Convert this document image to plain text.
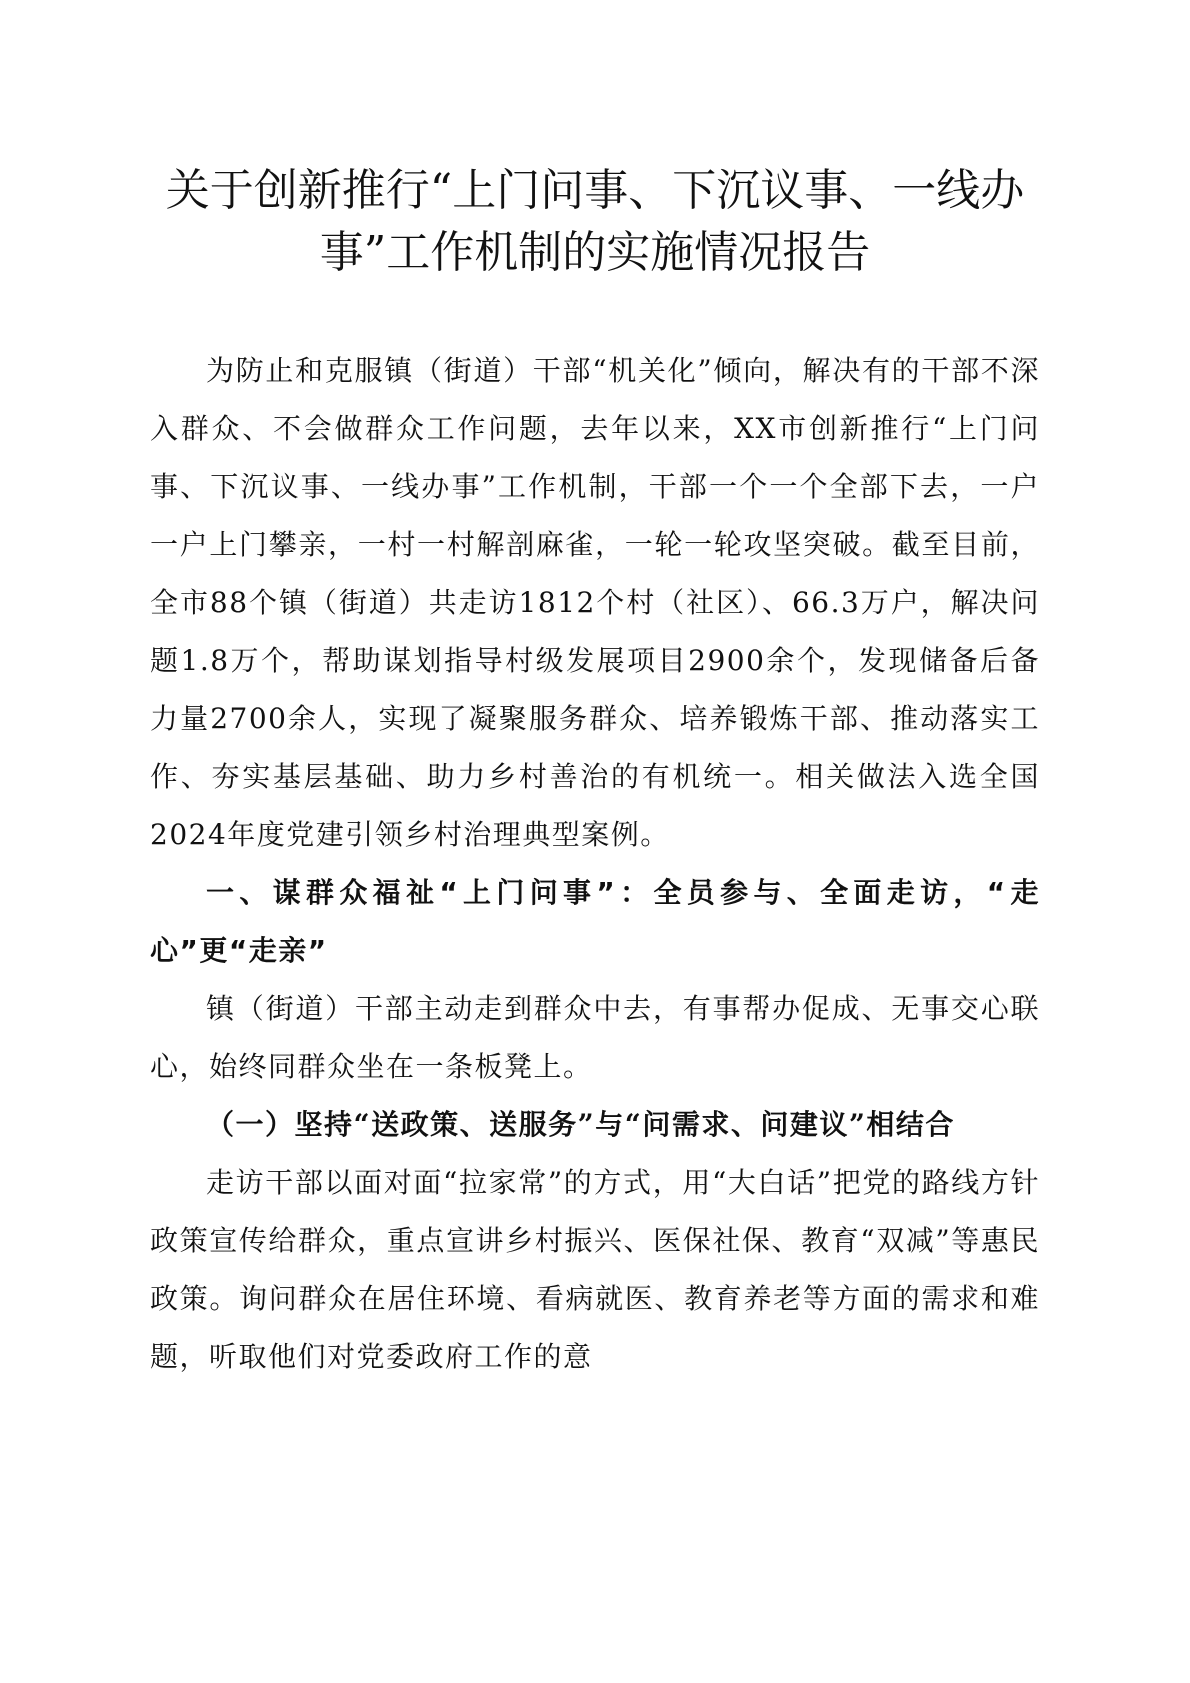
关于创新推行“上门问事、下沉议事、一线办事”工作机制的实施情况报告

为防止和克服镇（街道）干部“机关化”倾向，解决有的干部不深入群众、不会做群众工作问题，去年以来，XX市创新推行“上门问事、下沉议事、一线办事”工作机制，干部一个一个全部下去，一户一户上门攀亲，一村一村解剖麻雀，一轮一轮攻坚突破。截至目前，全市88个镇（街道）共走访1812个村（社区）、66.3万户，解决问题1.8万个，帮助谋划指导村级发展项目2900余个，发现储备后备力量2700余人，实现了凝聚服务群众、培养锻炼干部、推动落实工作、夯实基层基础、助力乡村善治的有机统一。相关做法入选全国2024年度党建引领乡村治理典型案例。

一、谋群众福祉“上门问事”：全员参与、全面走访，“走心”更“走亲”

镇（街道）干部主动走到群众中去，有事帮办促成、无事交心联心，始终同群众坐在一条板凳上。

（一）坚持“送政策、送服务”与“问需求、问建议”相结合

走访干部以面对面“拉家常”的方式，用“大白话”把党的路线方针政策宣传给群众，重点宣讲乡村振兴、医保社保、教育“双减”等惠民政策。询问群众在居住环境、看病就医、教育养老等方面的需求和难题，听取他们对党委政府工作的意
